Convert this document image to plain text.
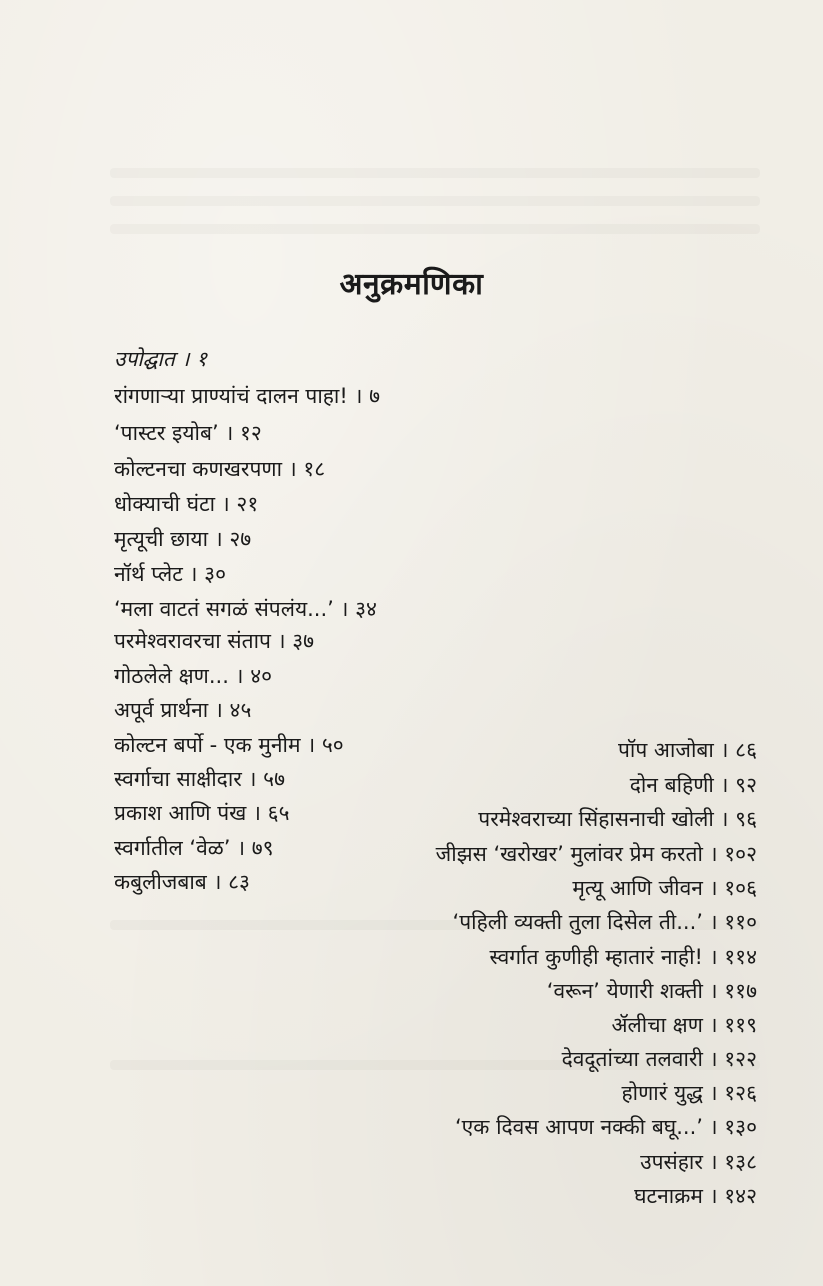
अनुक्रमणिका
उपोद्घात । १
रांगणाऱ्या प्राण्यांचं दालन पाहा! । ७
‘पास्टर इयोब’ । १२
कोल्टनचा कणखरपणा । १८
धोक्याची घंटा । २१
मृत्यूची छाया । २७
नॉर्थ प्लेट । ३०
‘मला वाटतं सगळं संपलंय...’ । ३४
परमेश्वरावरचा संताप । ३७
गोठलेले क्षण... । ४०
अपूर्व प्रार्थना । ४५
कोल्टन बर्पो - एक मुनीम । ५०
स्वर्गाचा साक्षीदार । ५७
प्रकाश आणि पंख । ६५
स्वर्गातील ‘वेळ’ । ७९
कबुलीजबाब । ८३
पॉप आजोबा । ८६
दोन बहिणी । ९२
परमेश्वराच्या सिंहासनाची खोली । ९६
जीझस ‘खरोखर’ मुलांवर प्रेम करतो । १०२
मृत्यू आणि जीवन । १०६
‘पहिली व्यक्ती तुला दिसेल ती...’ । ११०
स्वर्गात कुणीही म्हातारं नाही! । ११४
‘वरून’ येणारी शक्ती । ११७
ॲलीचा क्षण । ११९
देवदूतांच्या तलवारी । १२२
होणारं युद्ध । १२६
‘एक दिवस आपण नक्की बघू...’ । १३०
उपसंहार । १३८
घटनाक्रम । १४२
